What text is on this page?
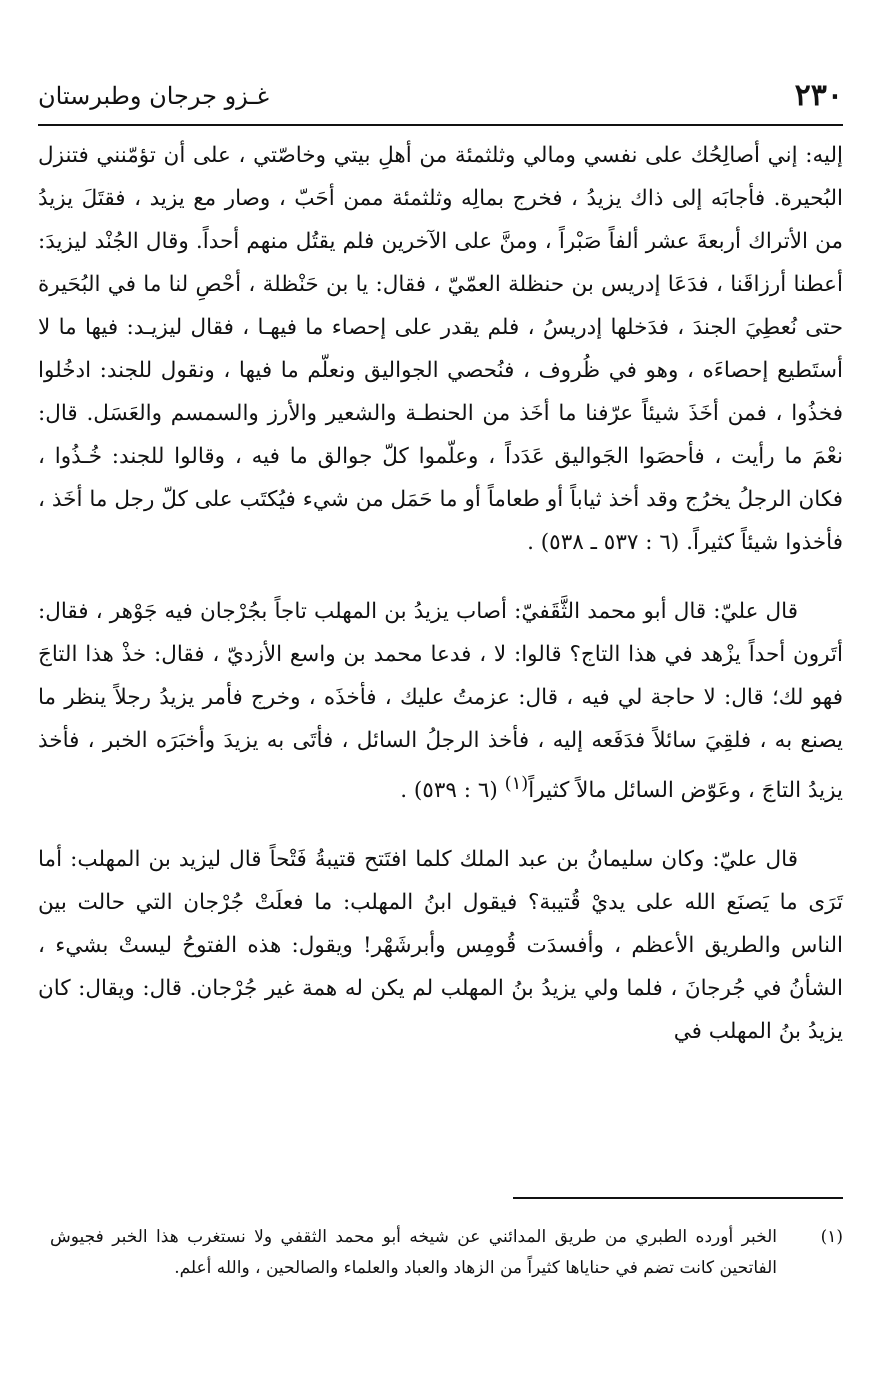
٢٣٠
غـزو جرجان وطبرستان

إليه: إني أصالِحُك على نفسي ومالي وثلثمئة من أهلِ بيتي وخاصّتي ، على أن تؤمّنني فتنزل البُحيرة. فأجابَه إلى ذاك يزيدُ ، فخرج بمالِه وثلثمئة ممن أحَبّ ، وصار مع يزيد ، فقتَلَ يزيدُ من الأتراك أربعةَ عشر ألفاً صَبْراً ، ومنَّ على الآخرين فلم يقتُل منهم أحداً. وقال الجُنْد ليزيدَ: أعطنا أرزاقَنا ، فدَعَا إدريس بن حنظلة العمّيّ ، فقال: يا بن حَنْظلة ، أحْصِ لنا ما في البُحَيرة حتى نُعطِيَ الجندَ ، فدَخلها إدريسُ ، فلم يقدر على إحصاء ما فيهـا ، فقال ليزيـد: فيها ما لا أستَطيع إحصاءَه ، وهو في ظُروف ، فنُحصي الجواليق ونعلّم ما فيها ، ونقول للجند: ادخُلوا فخذُوا ، فمن أخَذَ شيئاً عرّفنا ما أخَذ من الحنطـة والشعير والأرز والسمسم والعَسَل. قال: نعْمَ ما رأيت ، فأحصَوا الجَواليق عَدَداً ، وعلّموا كلّ جوالق ما فيه ، وقالوا للجند: خُـذُوا ، فكان الرجلُ يخرُج وقد أخذ ثياباً أو طعاماً أو ما حَمَل من شيء فيُكتَب على كلّ رجل ما أخَذ ، فأخذوا شيئاً كثيراً. (٦ : ٥٣٧ ـ ٥٣٨) .

قال عليّ: قال أبو محمد الثَّقَفيّ: أصاب يزيدُ بن المهلب تاجاً بجُرْجان فيه جَوْهر ، فقال: أتَرون أحداً يزْهد في هذا التاج؟ قالوا: لا ، فدعا محمد بن واسع الأزديّ ، فقال: خذْ هذا التاجَ فهو لك؛ قال: لا حاجة لي فيه ، قال: عزمتُ عليك ، فأخذَه ، وخرج فأمر يزيدُ رجلاً ينظر ما يصنع به ، فلقِيَ سائلاً فدَفَعه إليه ، فأخذ الرجلُ السائل ، فأتَى به يزيدَ وأخبَرَه الخبر ، فأخذ يزيدُ التاجَ ، وعَوّض السائل مالاً كثيراً$^{(١)}$ (٦ : ٥٣٩) .

قال عليّ: وكان سليمانُ بن عبد الملك كلما افتَتح قتيبةُ فَتْحاً قال ليزيد بن المهلب: أما تَرَى ما يَصنَع الله على يديْ قُتيبة؟ فيقول ابنُ المهلب: ما فعلَتْ جُرْجان التي حالت بين الناس والطريق الأعظم ، وأفسدَت قُومِس وأبرشَهْر! ويقول: هذه الفتوحُ ليستْ بشيء ، الشأنُ في جُرجانَ ، فلما ولي يزيدُ بنُ المهلب لم يكن له همة غير جُرْجان. قال: ويقال: كان يزيدُ بنُ المهلب في

(١)
الخبر أورده الطبري من طريق المدائني عن شيخه أبو محمد الثقفي ولا نستغرب هذا الخبر فجيوش الفاتحين كانت تضم في حناياها كثيراً من الزهاد والعباد والعلماء والصالحين ، والله أعلم.
